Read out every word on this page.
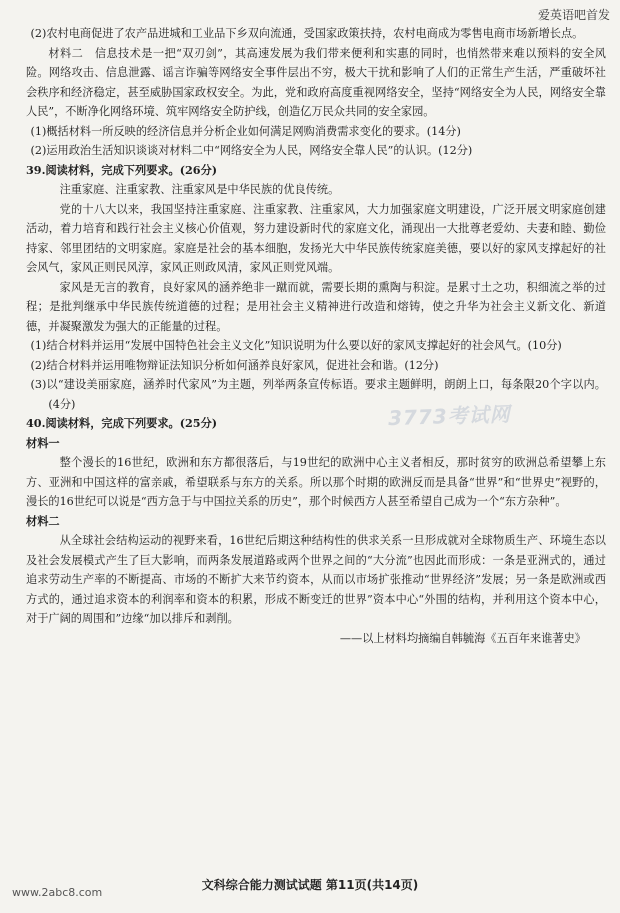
爱英语吧首发

(2)农村电商促进了农产品进城和工业品下乡双向流通，受国家政策扶持，农村电商成为零售电商市场新增长点。

材料二　信息技术是一把“双刃剑”，其高速发展为我们带来便利和实惠的同时，也悄然带来难以预料的安全风险。网络攻击、信息泄露、谣言诈骗等网络安全事件层出不穷，极大干扰和影响了人们的正常生产生活，严重破坏社会秩序和经济稳定，甚至威胁国家政权安全。为此，党和政府高度重视网络安全，坚持“网络安全为人民，网络安全靠人民”，不断净化网络环境、筑牢网络安全防护线，创造亿万民众共同的安全家园。

(1)概括材料一所反映的经济信息并分析企业如何满足网购消费需求变化的要求。(14分)

(2)运用政治生活知识谈谈对材料二中“网络安全为人民，网络安全靠人民”的认识。(12分)

39.阅读材料，完成下列要求。(26分)

注重家庭、注重家教、注重家风是中华民族的优良传统。

党的十八大以来，我国坚持注重家庭、注重家教、注重家风，大力加强家庭文明建设，广泛开展文明家庭创建活动，着力培育和践行社会主义核心价值观，努力建设新时代的家庭文化，涌现出一大批尊老爱幼、夫妻和睦、勤俭持家、邻里团结的文明家庭。家庭是社会的基本细胞，发扬光大中华民族传统家庭美德，要以好的家风支撑起好的社会风气，家风正则民风淳，家风正则政风清，家风正则党风端。

家风是无言的教育，良好家风的涵养绝非一蹴而就，需要长期的熏陶与积淀。是累寸土之功，积细流之举的过程；是批判继承中华民族传统道德的过程；是用社会主义精神进行改造和熔铸，使之升华为社会主义新文化、新道德，并凝聚激发为强大的正能量的过程。

(1)结合材料并运用“发展中国特色社会主义文化”知识说明为什么要以好的家风支撑起好的社会风气。(10分)

(2)结合材料并运用唯物辩证法知识分析如何涵养良好家风，促进社会和谐。(12分)

(3)以“建设美丽家庭，涵养时代家风”为主题，列举两条宣传标语。要求主题鲜明，朗朗上口，每条限20个字以内。(4分)

40.阅读材料，完成下列要求。(25分)

材料一

整个漫长的16世纪，欧洲和东方都很落后，与19世纪的欧洲中心主义者相反，那时贫穷的欧洲总希望攀上东方、亚洲和中国这样的富亲戚，希望联系与东方的关系。所以那个时期的欧洲反而是具备“世界”和“世界史”视野的，漫长的16世纪可以说是“西方急于与中国拉关系的历史”，那个时候西方人甚至希望自己成为一个“东方杂种”。

材料二

从全球社会结构运动的视野来看，16世纪后期这种结构性的供求关系一旦形成就对全球物质生产、环境生态以及社会发展模式产生了巨大影响，而两条发展道路或两个世界之间的“大分流”也因此而形成：一条是亚洲式的，通过追求劳动生产率的不断提高、市场的不断扩大来节约资本，从而以市场扩张推动“世界经济”发展；另一条是欧洲或西方式的，通过追求资本的利润率和资本的积累，形成不断变迁的世界”资本中心“外围的结构，并利用这个资本中心，对于广阔的周围和”边缘“加以排斥和剥削。

——以上材料均摘编自韩毓海《五百年来谁著史》

3773考试网
www.2abc8.com
文科综合能力测试试题 第11页(共14页)
